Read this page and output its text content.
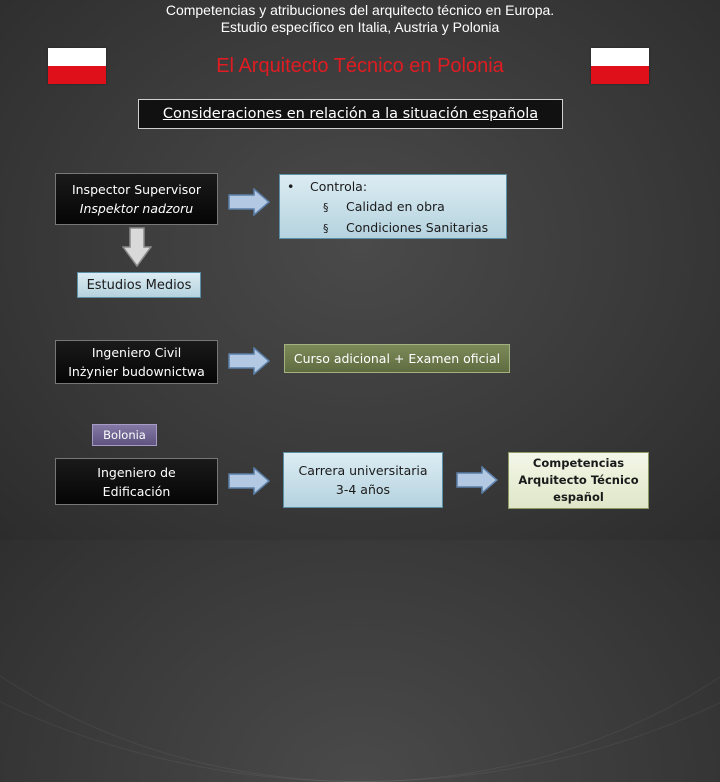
Competencias y atribuciones del arquitecto técnico en Europa.
Estudio específico en Italia, Austria y Polonia
El Arquitecto Técnico en Polonia
Consideraciones en relación a la situación española
Inspector Supervisor
Inspektor nadzoru
• Controla:
§ Calidad en obra
§ Condiciones Sanitarias
Estudios Medios
Ingeniero Civil
Inżynier budownictwa
Curso adicional + Examen oficial
Bolonia
Ingeniero de
Edificación
Carrera universitaria
3-4 años
Competencias
Arquitecto Técnico
español
